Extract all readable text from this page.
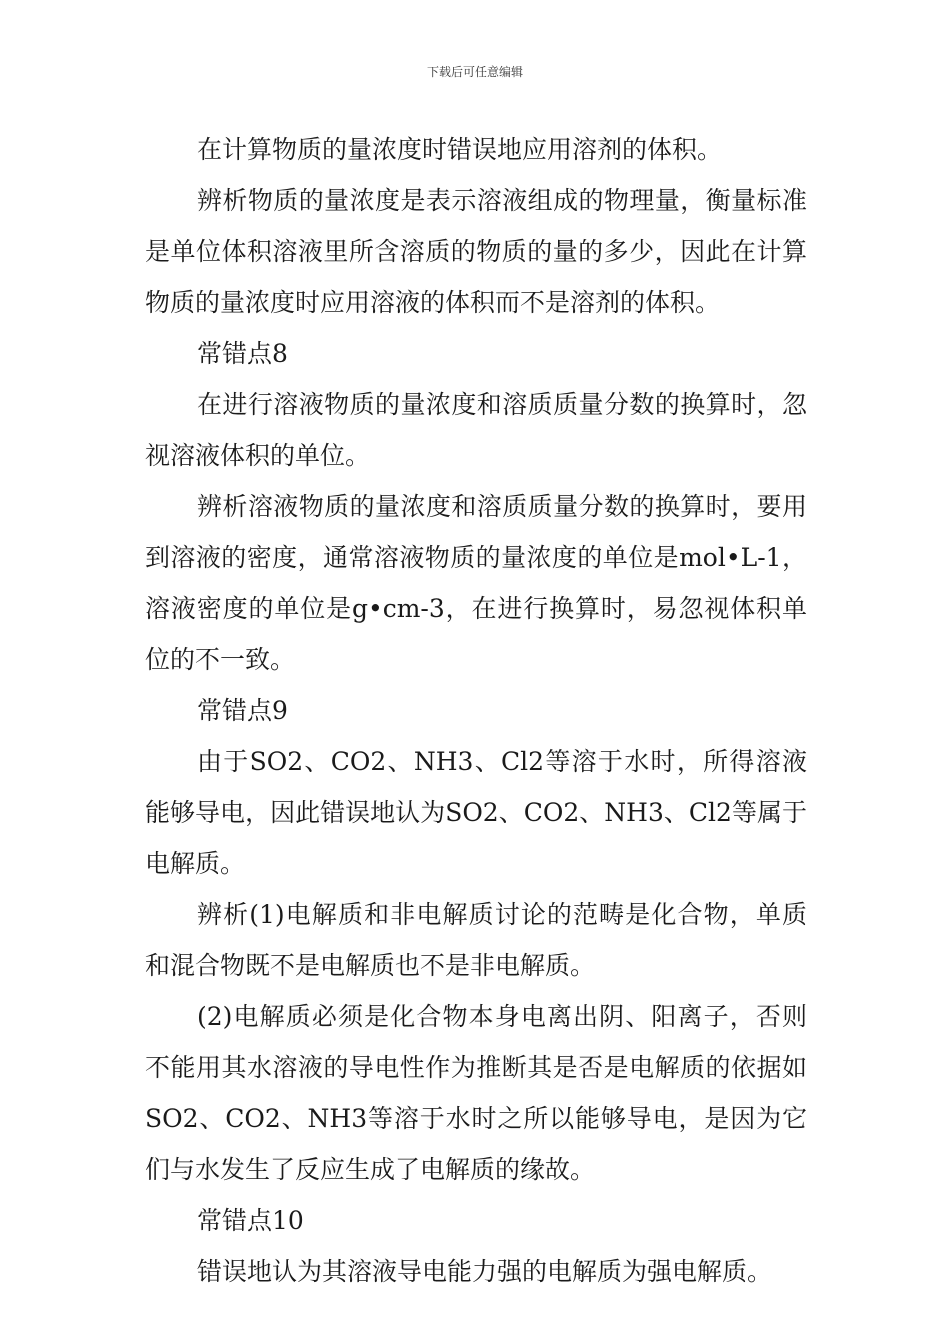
下载后可任意编辑

在计算物质的量浓度时错误地应用溶剂的体积。

辨析物质的量浓度是表示溶液组成的物理量，衡量标准是单位体积溶液里所含溶质的物质的量的多少，因此在计算物质的量浓度时应用溶液的体积而不是溶剂的体积。

常错点8

在进行溶液物质的量浓度和溶质质量分数的换算时，忽视溶液体积的单位。

辨析溶液物质的量浓度和溶质质量分数的换算时，要用到溶液的密度，通常溶液物质的量浓度的单位是mol•L-1，溶液密度的单位是g•cm-3，在进行换算时，易忽视体积单位的不一致。

常错点9

由于SO2、CO2、NH3、Cl2等溶于水时，所得溶液能够导电，因此错误地认为SO2、CO2、NH3、Cl2等属于电解质。

辨析(1)电解质和非电解质讨论的范畴是化合物，单质和混合物既不是电解质也不是非电解质。

(2)电解质必须是化合物本身电离出阴、阳离子，否则不能用其水溶液的导电性作为推断其是否是电解质的依据如SO2、CO2、NH3等溶于水时之所以能够导电，是因为它们与水发生了反应生成了电解质的缘故。

常错点10

错误地认为其溶液导电能力强的电解质为强电解质。
